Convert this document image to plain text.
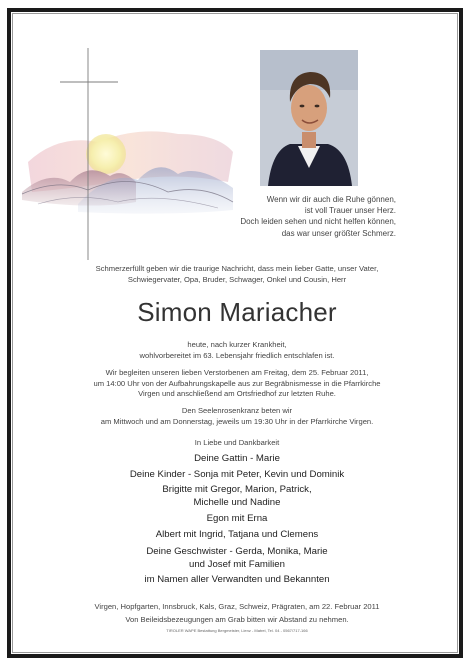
Wenn wir dir auch die Ruhe gönnen,
ist voll Trauer unser Herz.
Doch leiden sehen und nicht helfen können,
das war unser größter Schmerz.
Schmerzerfüllt geben wir die traurige Nachricht, dass mein lieber Gatte, unser Vater,
Schwiegervater, Opa, Bruder, Schwager, Onkel und Cousin, Herr
Simon Mariacher
heute, nach kurzer Krankheit,
wohlvorbereitet im 63. Lebensjahr friedlich entschlafen ist.
Wir begleiten unseren lieben Verstorbenen am Freitag, dem 25. Februar 2011,
um 14:00 Uhr von der Aufbahrungskapelle aus zur Begräbnismesse in die Pfarrkirche
Virgen und anschließend am Ortsfriedhof zur letzten Ruhe.
Den Seelenrosenkranz beten wir
am Mittwoch und am Donnerstag, jeweils um 19:30 Uhr in der Pfarrkirche Virgen.
In Liebe und Dankbarkeit
Deine Gattin - Marie
Deine Kinder - Sonja mit Peter, Kevin und Dominik
Brigitte mit Gregor, Marion, Patrick,
Michelle und Nadine
Egon mit Erna
Albert mit Ingrid, Tatjana und Clemens
Deine Geschwister - Gerda, Monika, Marie
und Josef mit Familien
im Namen aller Verwandten und Bekannten
Virgen, Hopfgarten, Innsbruck, Kals, Graz, Schweiz, Prägraten, am 22. Februar 2011
Von Beileidsbezeugungen am Grab bitten wir Abstand zu nehmen.
TIROLER WAPE Bestattung Bergmeister, Lienz - Matrei, Tel. 04 - 0567/717-166
